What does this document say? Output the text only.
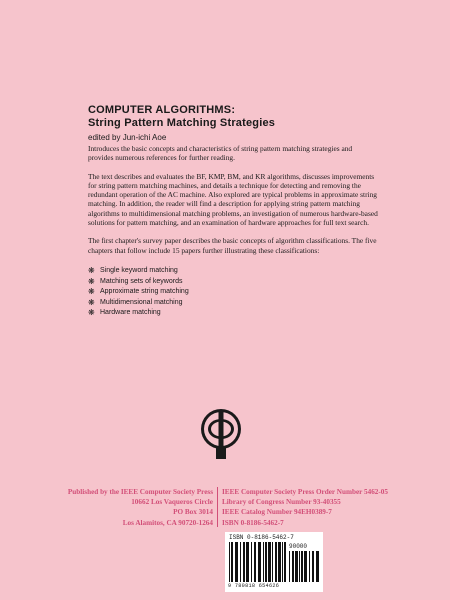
COMPUTER ALGORITHMS:
String Pattern Matching Strategies
edited by Jun-ichi Aoe

Introduces the basic concepts and characteristics of string pattern matching strategies and provides numerous references for further reading.

The text describes and evaluates the BF, KMP, BM, and KR algorithms, discusses improvements for string pattern matching machines, and details a technique for detecting and removing the redundant operation of the AC machine. Also explored are typical problems in approximate string matching. In addition, the reader will find a description for applying string pattern matching algorithms to multidimensional matching problems, an investigation of numerous hardware-based solutions for pattern matching, and an examination of hardware approaches for full text search.

The first chapter's survey paper describes the basic concepts of algorithm classifications. The five chapters that follow include 15 papers further illustrating these classifications:

❋ Single keyword matching
❋ Matching sets of keywords
❋ Approximate string matching
❋ Multidimensional matching
❋ Hardware matching
Published by the IEEE Computer Society Press
10662 Los Vaqueros Circle
PO Box 3014
Los Alamitos, CA 90720-1264
IEEE Computer Society Press Order Number 5462-05
Library of Congress Number 93-40355
IEEE Catalog Number 94EH0389-7
ISBN 0-8186-5462-7
ISBN 0-8186-5462-7
90000
9 780818 654626
